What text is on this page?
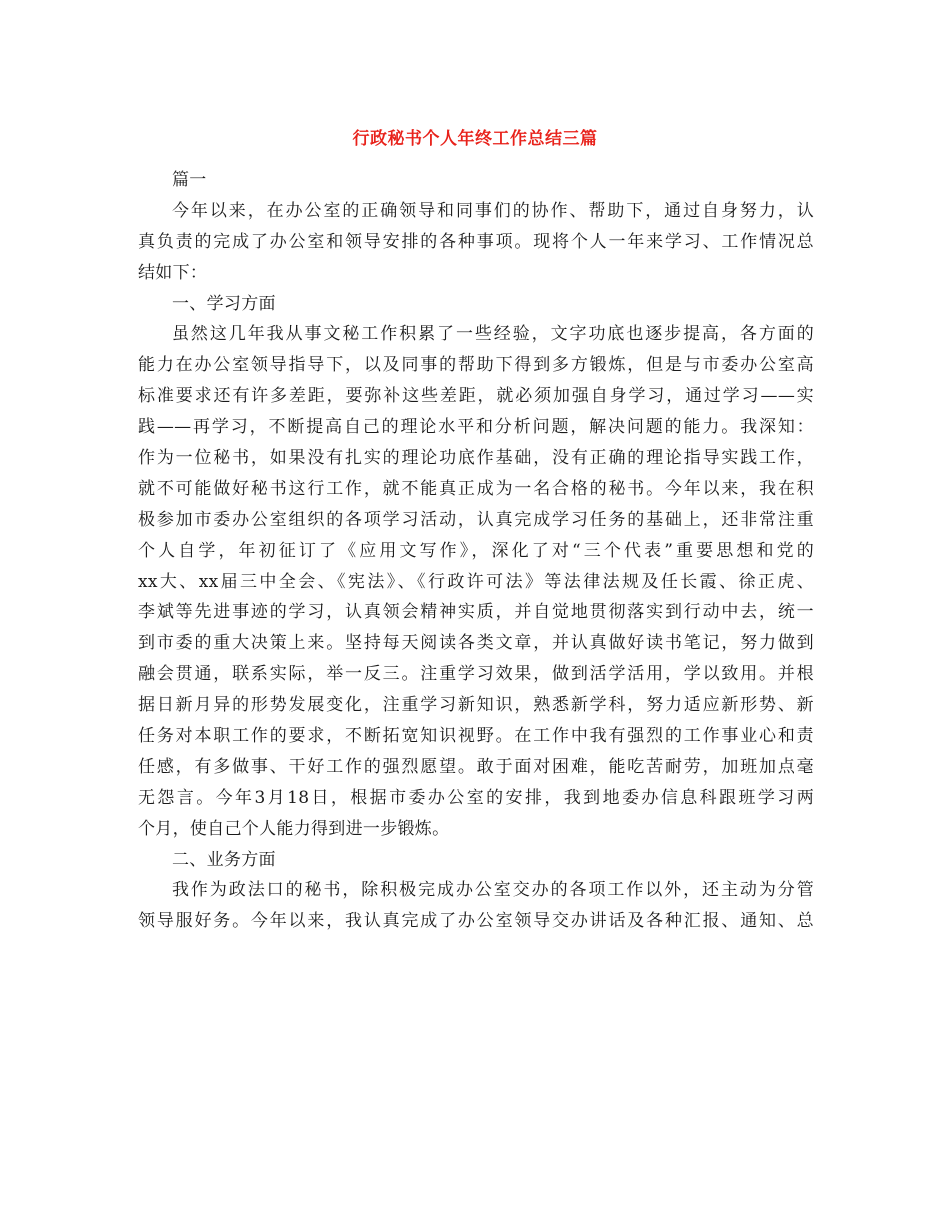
行政秘书个人年终工作总结三篇
篇一
今年以来，在办公室的正确领导和同事们的协作、帮助下，通过自身努力，认
真负责的完成了办公室和领导安排的各种事项。现将个人一年来学习、工作情况总
结如下：
一、学习方面
虽然这几年我从事文秘工作积累了一些经验，文字功底也逐步提高，各方面的
能力在办公室领导指导下，以及同事的帮助下得到多方锻炼，但是与市委办公室高
标准要求还有许多差距，要弥补这些差距，就必须加强自身学习，通过学习——实
践——再学习，不断提高自己的理论水平和分析问题，解决问题的能力。我深知：
作为一位秘书，如果没有扎实的理论功底作基础，没有正确的理论指导实践工作，
就不可能做好秘书这行工作，就不能真正成为一名合格的秘书。今年以来，我在积
极参加市委办公室组织的各项学习活动，认真完成学习任务的基础上，还非常注重
个人自学，年初征订了《应用文写作》，深化了对“三个代表”重要思想和党的
xx大、xx届三中全会、《宪法》、《行政许可法》等法律法规及任长霞、徐正虎、
李斌等先进事迹的学习，认真领会精神实质，并自觉地贯彻落实到行动中去，统一
到市委的重大决策上来。坚持每天阅读各类文章，并认真做好读书笔记，努力做到
融会贯通，联系实际，举一反三。注重学习效果，做到活学活用，学以致用。并根
据日新月异的形势发展变化，注重学习新知识，熟悉新学科，努力适应新形势、新
任务对本职工作的要求，不断拓宽知识视野。在工作中我有强烈的工作事业心和责
任感，有多做事、干好工作的强烈愿望。敢于面对困难，能吃苦耐劳，加班加点毫
无怨言。今年3月18日，根据市委办公室的安排，我到地委办信息科跟班学习两
个月，使自己个人能力得到进一步锻炼。
二、业务方面
我作为政法口的秘书，除积极完成办公室交办的各项工作以外，还主动为分管
领导服好务。今年以来，我认真完成了办公室领导交办讲话及各种汇报、通知、总
